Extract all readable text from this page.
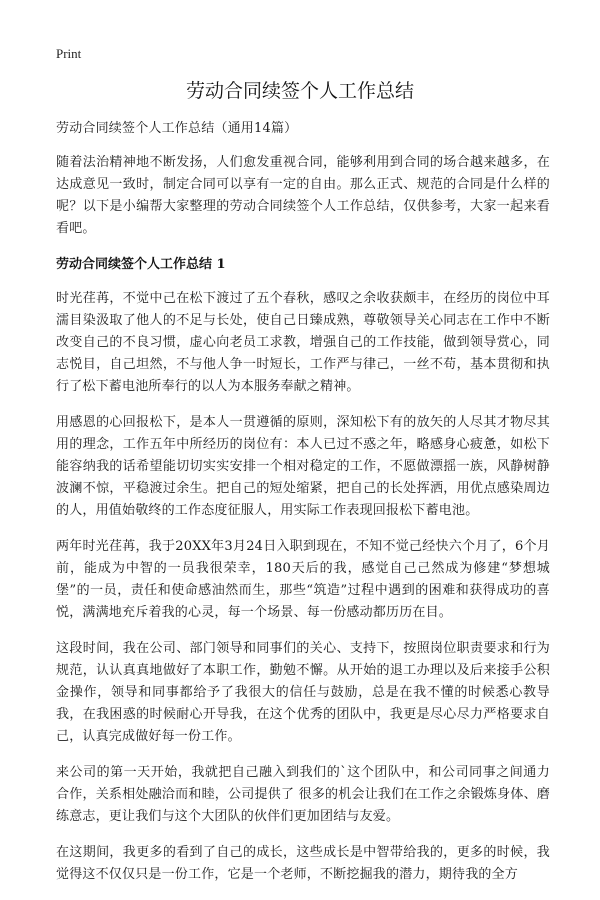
Print
劳动合同续签个人工作总结

劳动合同续签个人工作总结（通用14篇）

随着法治精神地不断发扬，人们愈发重视合同，能够利用到合同的场合越来越多，在达成意见一致时，制定合同可以享有一定的自由。那么正式、规范的合同是什么样的呢？以下是小编帮大家整理的劳动合同续签个人工作总结，仅供参考，大家一起来看看吧。

劳动合同续签个人工作总结 1

时光荏苒，不觉中己在松下渡过了五个春秋，感叹之余收获颇丰，在经历的岗位中耳濡目染汲取了他人的不足与长处，使自己日臻成熟，尊敬领导关心同志在工作中不断改变自己的不良习惯，虚心向老员工求教，增强自己的工作技能，做到领导赏心，同志悦目，自己坦然，不与他人争一时短长，工作严与律己，一丝不苟，基本贯彻和执行了松下蓄电池所奉行的以人为本服务奉献之精神。

用感恩的心回报松下，是本人一贯遵循的原则，深知松下有的放矢的人尽其才物尽其用的理念，工作五年中所经历的岗位有：本人已过不惑之年，略感身心疲惫，如松下能容纳我的话希望能切切实实安排一个相对稳定的工作，不愿做漂摇一族，风静树静波澜不惊，平稳渡过余生。把自己的短处缩紧，把自己的长处挥洒，用优点感染周边的人，用值始敬终的工作态度征服人，用实际工作表现回报松下蓄电池。

两年时光荏苒，我于20XX年3月24日入职到现在，不知不觉己经快六个月了，6个月前，能成为中智的一员我很荣幸，180天后的我，感觉自己己然成为修建“梦想城堡”的一员，责任和使命感油然而生，那些“筑造”过程中遇到的困难和获得成功的喜悦，满满地充斥着我的心灵，每一个场景、每一份感动都历历在目。

这段时间，我在公司、部门领导和同事们的关心、支持下，按照岗位职责要求和行为规范，认认真真地做好了本职工作，勤勉不懈。从开始的退工办理以及后来接手公积金操作，领导和同事都给予了我很大的信任与鼓励，总是在我不懂的时候悉心教导我，在我困惑的时候耐心开导我，在这个优秀的团队中，我更是尽心尽力严格要求自己，认真完成做好每一份工作。

来公司的第一天开始，我就把自己融入到我们的`这个团队中，和公司同事之间通力合作，关系相处融洽而和睦，公司提供了 很多的机会让我们在工作之余锻炼身体、磨练意志，更让我们与这个大团队的伙伴们更加团结与友爱。

在这期间，我更多的看到了自己的成长，这些成长是中智带给我的，更多的时候，我觉得这不仅仅只是一份工作，它是一个老师，不断挖掘我的潜力，期待我的全方
